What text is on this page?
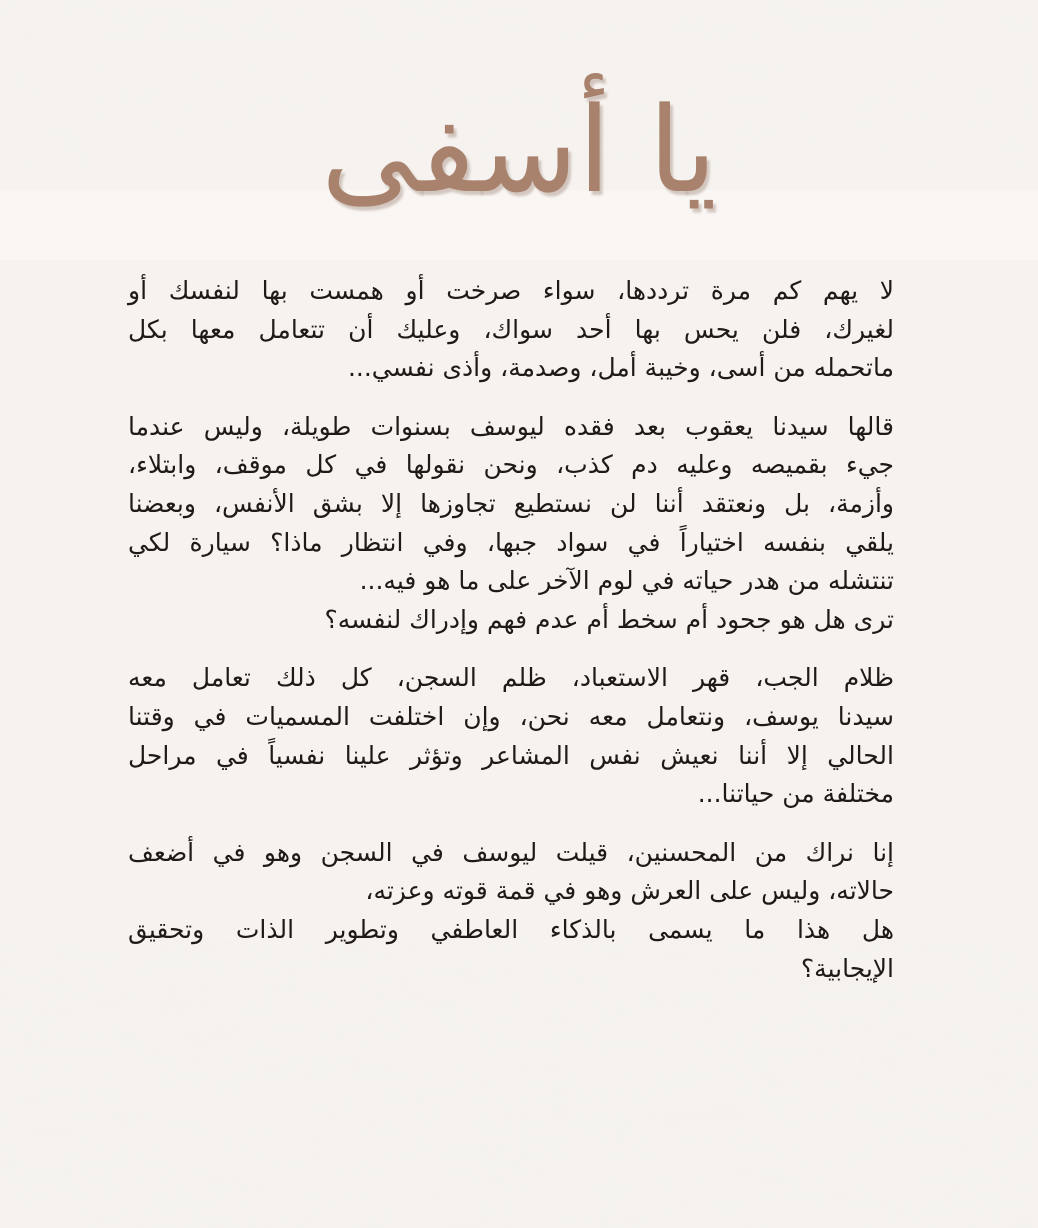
يا أسفى

لا يهم كم مرة ترددها، سواء صرخت أو همست بها لنفسك أو
لغيرك، فلن يحس بها أحد سواك، وعليك أن تتعامل معها بكل
ماتحمله من أسى، وخيبة أمل، وصدمة، وأذى نفسي...

قالها سيدنا يعقوب بعد فقده ليوسف بسنوات طويلة، وليس عندما
جيء بقميصه وعليه دم كذب، ونحن نقولها في كل موقف، وابتلاء،
وأزمة، بل ونعتقد أننا لن نستطيع تجاوزها إلا بشق الأنفس، وبعضنا
يلقي بنفسه اختياراً في سواد جبها، وفي انتظار ماذا؟ سيارة لكي
تنتشله من هدر حياته في لوم الآخر على ما هو فيه...
ترى هل هو جحود أم سخط أم عدم فهم وإدراك لنفسه؟

ظلام الجب، قهر الاستعباد، ظلم السجن، كل ذلك تعامل معه
سيدنا يوسف، ونتعامل معه نحن، وإن اختلفت المسميات في وقتنا
الحالي إلا أننا نعيش نفس المشاعر وتؤثر علينا نفسياً في مراحل
مختلفة من حياتنا...

إنا نراك من المحسنين، قيلت ليوسف في السجن وهو في أضعف
حالاته، وليس على العرش وهو في قمة قوته وعزته،
هل هذا ما يسمى بالذكاء العاطفي وتطوير الذات وتحقيق
الإيجابية؟
